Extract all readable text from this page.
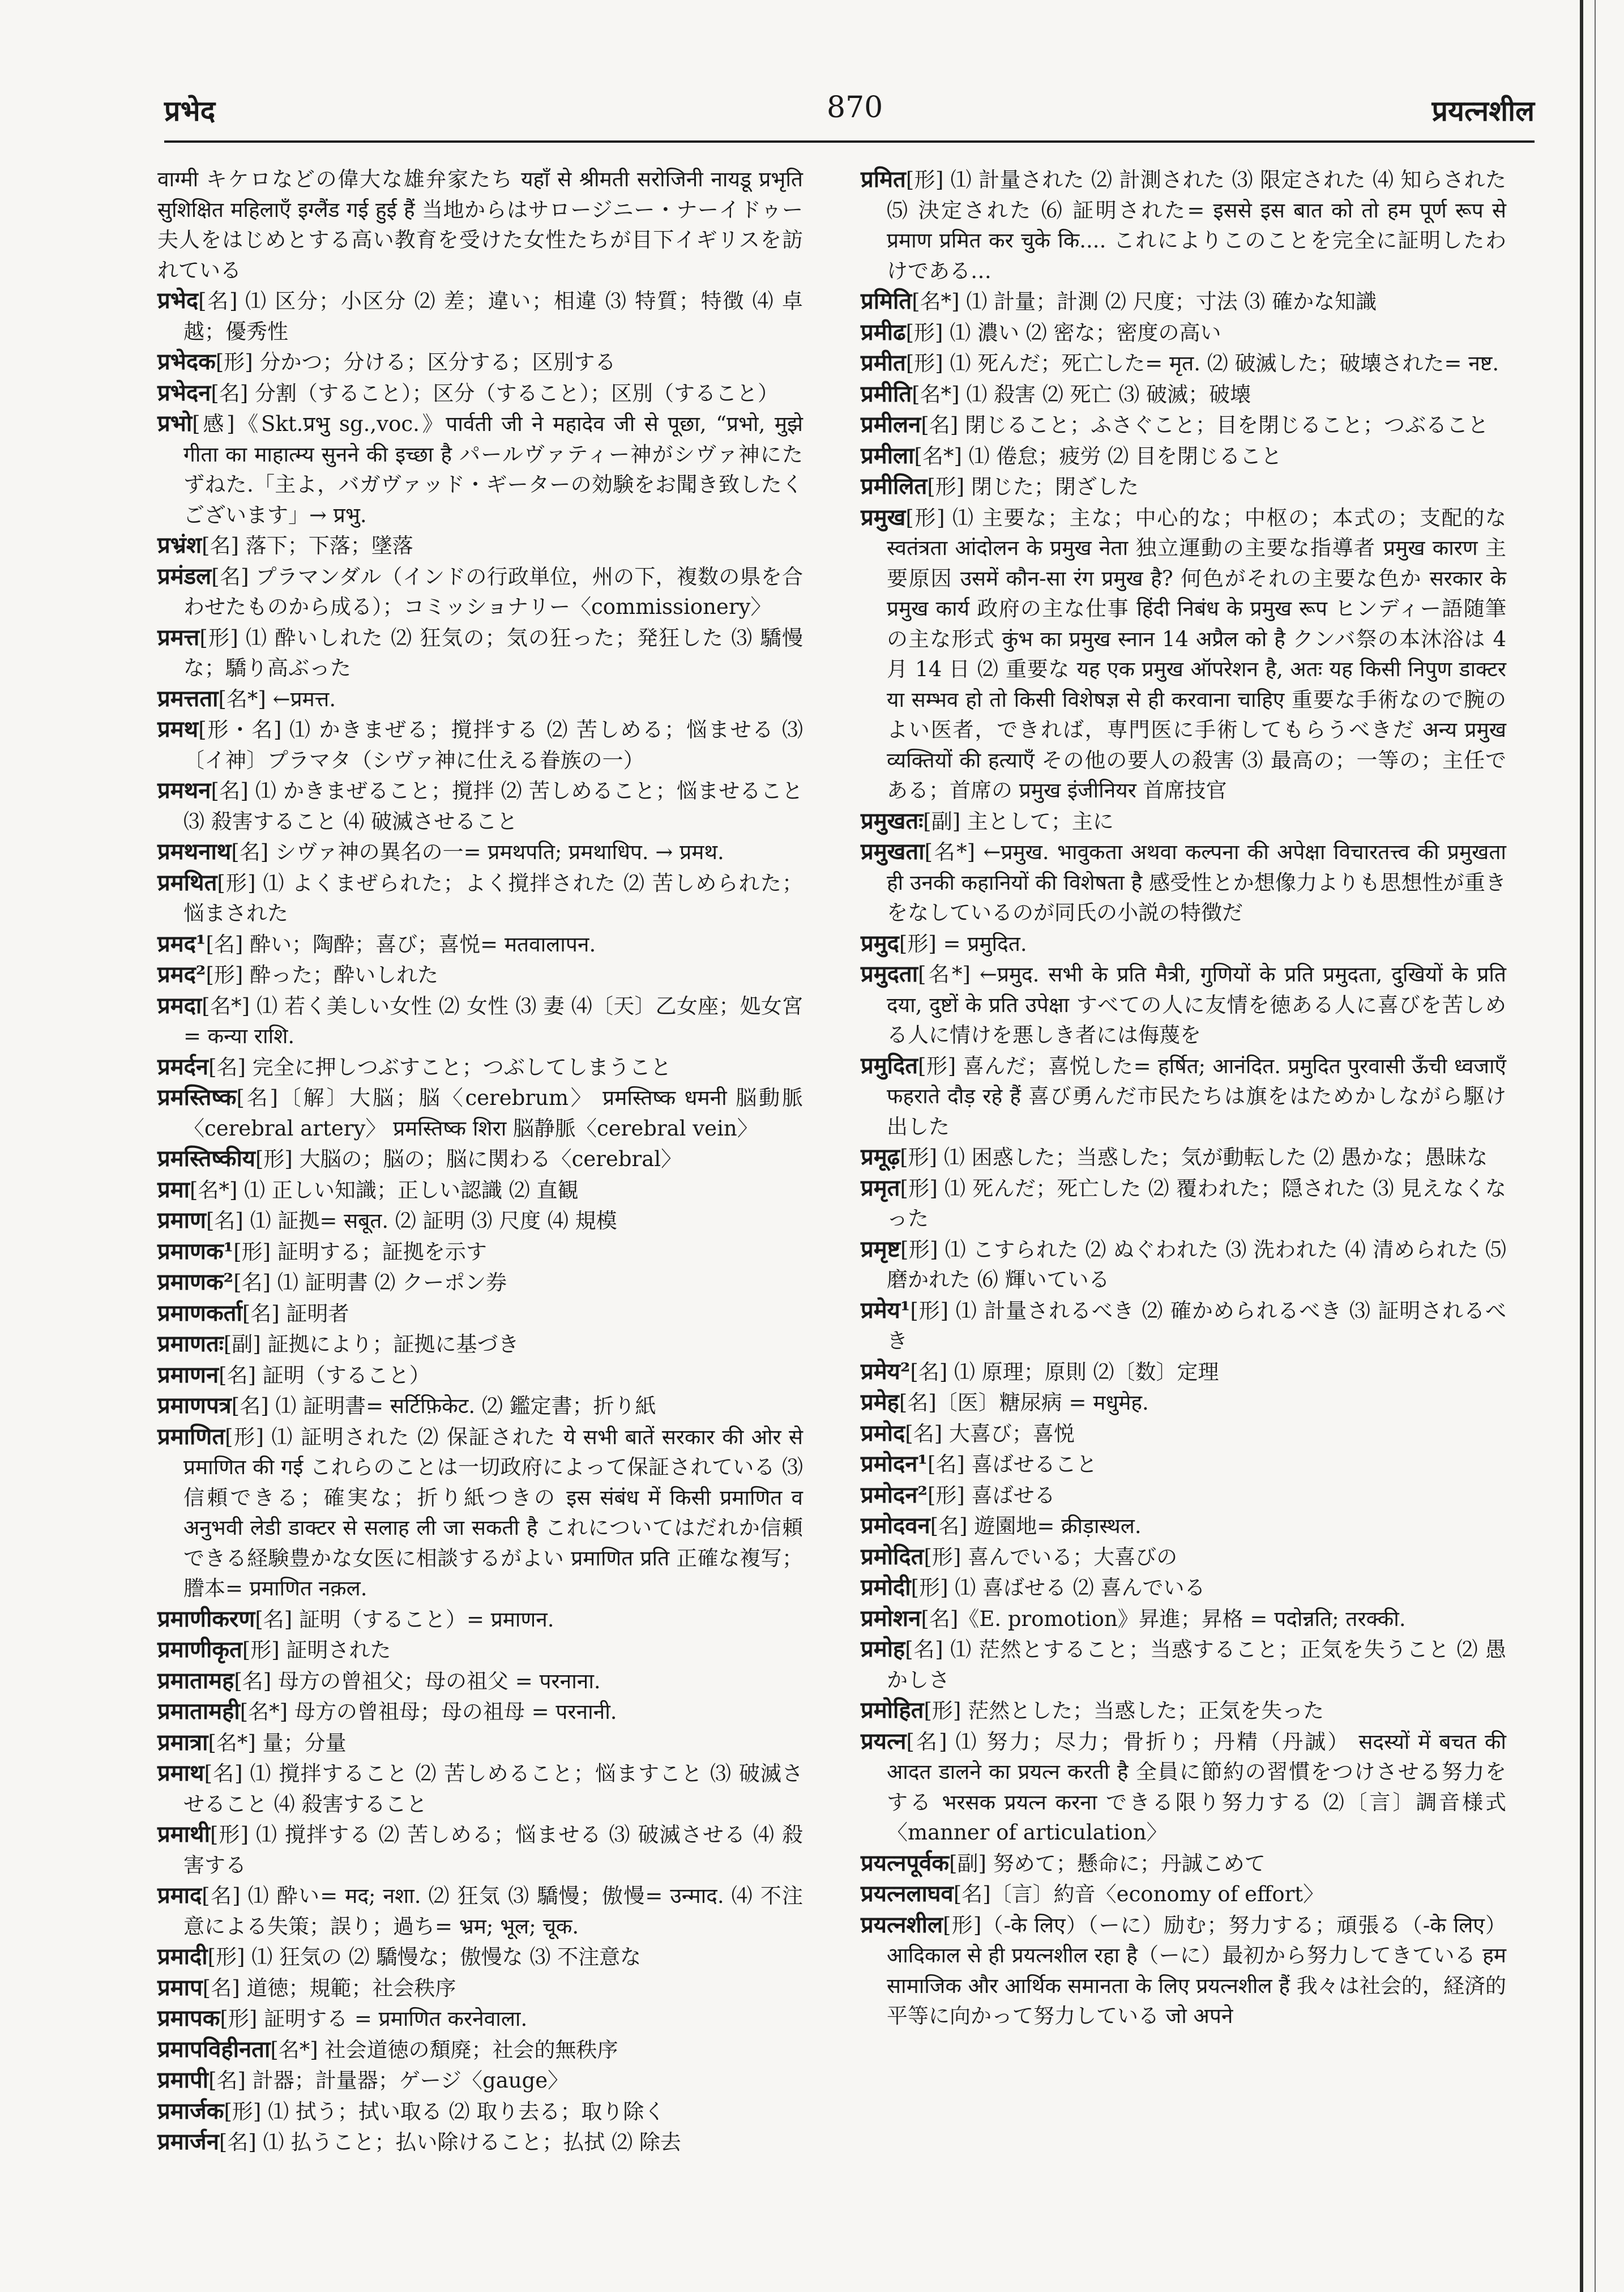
प्रभेद	870	प्रयत्नशील

वाग्मी キケロなどの偉大な雄弁家たち यहाँ से श्रीमती सरोजिनी नायडू प्रभृति सुशिक्षित महिलाएँ इग्लैंड गई हुई हैं 当地からはサロージニー・ナーイドゥー夫人をはじめとする高い教育を受けた女性たちが目下イギリスを訪れている

प्रभेद[名] ⑴ 区分；小区分 ⑵ 差；違い；相違 ⑶ 特質；特徴 ⑷ 卓越；優秀性

प्रभेदक[形] 分かつ；分ける；区分する；区別する

प्रभेदन[名] 分割（すること）；区分（すること）；区別（すること）

प्रभो[感]《Skt.प्रभु sg.,voc.》पार्वती जी ने महादेव जी से पूछा, “प्रभो, मुझे गीता का माहात्म्य सुनने की इच्छा है パールヴァティー神がシヴァ神にたずねた.「主よ，バガヴァッド・ギーターの効験をお聞き致したくございます」→ प्रभु.

प्रभ्रंश[名] 落下；下落；墜落

प्रमंडल[名] プラマンダル（インドの行政単位，州の下，複数の県を合わせたものから成る）；コミッショナリー〈commissionery〉

प्रमत्त[形] ⑴ 酔いしれた ⑵ 狂気の；気の狂った；発狂した ⑶ 驕慢な；驕り高ぶった

प्रमत्तता[名*] ←प्रमत्त.

प्रमथ[形・名] ⑴ かきまぜる；撹拌する ⑵ 苦しめる；悩ませる ⑶〔イ神〕プラマタ（シヴァ神に仕える眷族の一）

प्रमथन[名] ⑴ かきまぜること；撹拌 ⑵ 苦しめること；悩ませること ⑶ 殺害すること ⑷ 破滅させること

प्रमथनाथ[名] シヴァ神の異名の一= प्रमथपति; प्रमथाधिप. → प्रमथ.

प्रमथित[形] ⑴ よくまぜられた；よく撹拌された ⑵ 苦しめられた；悩まされた

प्रमद¹[名] 酔い；陶酔；喜び；喜悦= मतवालापन.

प्रमद²[形] 酔った；酔いしれた

प्रमदा[名*] ⑴ 若く美しい女性 ⑵ 女性 ⑶ 妻 ⑷〔天〕乙女座；処女宮= कन्या राशि.

प्रमर्दन[名] 完全に押しつぶすこと；つぶしてしまうこと

प्रमस्तिष्क[名]〔解〕大脳；脳〈cerebrum〉 प्रमस्तिष्क धमनी 脳動脈〈cerebral artery〉 प्रमस्तिष्क शिरा 脳静脈〈cerebral vein〉

प्रमस्तिष्कीय[形] 大脳の；脳の；脳に関わる〈cerebral〉

प्रमा[名*] ⑴ 正しい知識；正しい認識 ⑵ 直観

प्रमाण[名] ⑴ 証拠= सबूत. ⑵ 証明 ⑶ 尺度 ⑷ 規模

प्रमाणक¹[形] 証明する；証拠を示す

प्रमाणक²[名] ⑴ 証明書 ⑵ クーポン券

प्रमाणकर्ता[名] 証明者

प्रमाणतः[副] 証拠により；証拠に基づき

प्रमाणन[名] 証明（すること）

प्रमाणपत्र[名] ⑴ 証明書= सर्टिफ़िकेट. ⑵ 鑑定書；折り紙

प्रमाणित[形] ⑴ 証明された ⑵ 保証された ये सभी बातें सरकार की ओर से प्रमाणित की गई これらのことは一切政府によって保証されている ⑶ 信頼できる；確実な；折り紙つきの इस संबंध में किसी प्रमाणित व अनुभवी लेडी डाक्टर से सलाह ली जा सकती है これについてはだれか信頼できる経験豊かな女医に相談するがよい प्रमाणित प्रति 正確な複写；謄本= प्रमाणित नक़ल.

प्रमाणीकरण[名] 証明（すること）= प्रमाणन.

प्रमाणीकृत[形] 証明された

प्रमातामह[名] 母方の曾祖父；母の祖父 = परनाना.

प्रमातामही[名*] 母方の曾祖母；母の祖母 = परनानी.

प्रमात्रा[名*] 量；分量

प्रमाथ[名] ⑴ 撹拌すること ⑵ 苦しめること；悩ますこと ⑶ 破滅させること ⑷ 殺害すること

प्रमाथी[形] ⑴ 撹拌する ⑵ 苦しめる；悩ませる ⑶ 破滅させる ⑷ 殺害する

प्रमाद[名] ⑴ 酔い= मद; नशा. ⑵ 狂気 ⑶ 驕慢；傲慢= उन्माद. ⑷ 不注意による失策；誤り；過ち= भ्रम; भूल; चूक.

प्रमादी[形] ⑴ 狂気の ⑵ 驕慢な；傲慢な ⑶ 不注意な

प्रमाप[名] 道徳；規範；社会秩序

प्रमापक[形] 証明する = प्रमाणित करनेवाला.

प्रमापविहीनता[名*] 社会道徳の頽廃；社会的無秩序

प्रमापी[名] 計器；計量器；ゲージ〈gauge〉

प्रमार्जक[形] ⑴ 拭う；拭い取る ⑵ 取り去る；取り除く

प्रमार्जन[名] ⑴ 払うこと；払い除けること；払拭 ⑵ 除去

प्रमित[形] ⑴ 計量された ⑵ 計測された ⑶ 限定された ⑷ 知らされた ⑸ 決定された ⑹ 証明された= इससे इस बात को तो हम पूर्ण रूप से प्रमाण प्रमित कर चुके कि.... これによりこのことを完全に証明したわけである…

प्रमिति[名*] ⑴ 計量；計測 ⑵ 尺度；寸法 ⑶ 確かな知識

प्रमीढ[形] ⑴ 濃い ⑵ 密な；密度の高い

प्रमीत[形] ⑴ 死んだ；死亡した= मृत. ⑵ 破滅した；破壊された= नष्ट.

प्रमीति[名*] ⑴ 殺害 ⑵ 死亡 ⑶ 破滅；破壊

प्रमीलन[名] 閉じること；ふさぐこと；目を閉じること；つぶること

प्रमीला[名*] ⑴ 倦怠；疲労 ⑵ 目を閉じること

प्रमीलित[形] 閉じた；閉ざした

प्रमुख[形] ⑴ 主要な；主な；中心的な；中枢の；本式の；支配的な स्वतंत्रता आंदोलन के प्रमुख नेता 独立運動の主要な指導者 प्रमुख कारण 主要原因 उसमें कौन-सा रंग प्रमुख है? 何色がそれの主要な色か सरकार के प्रमुख कार्य 政府の主な仕事 हिंदी निबंध के प्रमुख रूप ヒンディー語随筆の主な形式 कुंभ का प्रमुख स्नान 14 अप्रैल को है クンバ祭の本沐浴は 4 月 14 日 ⑵ 重要な यह एक प्रमुख ऑपरेशन है, अतः यह किसी निपुण डाक्टर या सम्भव हो तो किसी विशेषज्ञ से ही करवाना चाहिए 重要な手術なので腕のよい医者，できれば，専門医に手術してもらうべきだ अन्य प्रमुख व्यक्तियों की हत्याएँ その他の要人の殺害 ⑶ 最高の；一等の；主任である；首席の प्रमुख इंजीनियर 首席技官

प्रमुखतः[副] 主として；主に

प्रमुखता[名*] ←प्रमुख. भावुकता अथवा कल्पना की अपेक्षा विचारतत्त्व की प्रमुखता ही उनकी कहानियों की विशेषता है 感受性とか想像力よりも思想性が重きをなしているのが同氏の小説の特徴だ

प्रमुद[形] = प्रमुदित.

प्रमुदता[名*] ←प्रमुद. सभी के प्रति मैत्री, गुणियों के प्रति प्रमुदता, दुखियों के प्रति दया, दुष्टों के प्रति उपेक्षा すべての人に友情を徳ある人に喜びを苦しめる人に情けを悪しき者には侮蔑を

प्रमुदित[形] 喜んだ；喜悦した= हर्षित; आनंदित. प्रमुदित पुरवासी ऊँची ध्वजाएँ फहराते दौड़ रहे हैं 喜び勇んだ市民たちは旗をはためかしながら駆け出した

प्रमूढ़[形] ⑴ 困惑した；当惑した；気が動転した ⑵ 愚かな；愚昧な

प्रमृत[形] ⑴ 死んだ；死亡した ⑵ 覆われた；隠された ⑶ 見えなくなった

प्रमृष्ट[形] ⑴ こすられた ⑵ ぬぐわれた ⑶ 洗われた ⑷ 清められた ⑸ 磨かれた ⑹ 輝いている

प्रमेय¹[形] ⑴ 計量されるべき ⑵ 確かめられるべき ⑶ 証明されるべき

प्रमेय²[名] ⑴ 原理；原則 ⑵〔数〕定理

प्रमेह[名]〔医〕糖尿病 = मधुमेह.

प्रमोद[名] 大喜び；喜悦

प्रमोदन¹[名] 喜ばせること

प्रमोदन²[形] 喜ばせる

प्रमोदवन[名] 遊園地= क्रीड़ास्थल.

प्रमोदित[形] 喜んでいる；大喜びの

प्रमोदी[形] ⑴ 喜ばせる ⑵ 喜んでいる

प्रमोशन[名]《E. promotion》昇進；昇格 = पदोन्नति; तरक्की.

प्रमोह[名] ⑴ 茫然とすること；当惑すること；正気を失うこと ⑵ 愚かしさ

प्रमोहित[形] 茫然とした；当惑した；正気を失った

प्रयत्न[名] ⑴ 努力；尽力；骨折り；丹精（丹誠） सदस्यों में बचत की आदत डालने का प्रयत्न करती है 全員に節約の習慣をつけさせる努力をする भरसक प्रयत्न करना できる限り努力する ⑵〔言〕調音様式〈manner of articulation〉

प्रयत्नपूर्वक[副] 努めて；懸命に；丹誠こめて

प्रयत्नलाघव[名]〔言〕約音〈economy of effort〉

प्रयत्नशील[形]（-के लिए）（ーに）励む；努力する；頑張る（-के लिए）आदिकाल से ही प्रयत्नशील रहा है（ーに）最初から努力してきている हम सामाजिक और आर्थिक समानता के लिए प्रयत्नशील हैं 我々は社会的，経済的平等に向かって努力している जो अपने
